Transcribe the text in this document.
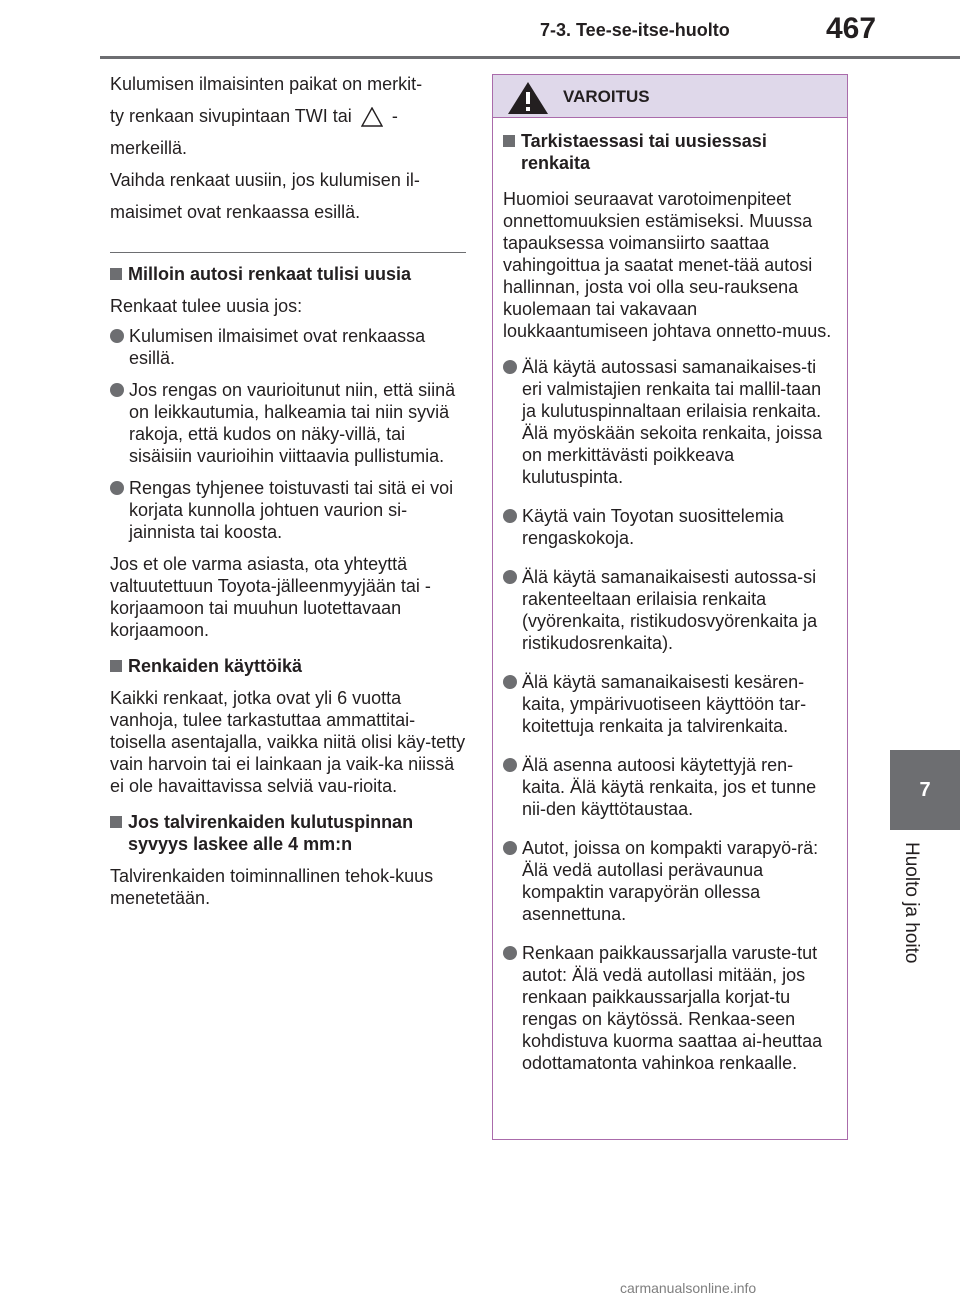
7-3. Tee-se-itse-huolto	467
7
Huolto ja hoito

Kulumisen ilmaisinten paikat on merkit-

ty renkaan sivupintaan TWI tai -

merkeillä.

Vaihda renkaat uusiin, jos kulumisen il-

maisimet ovat renkaassa esillä.

Milloin autosi renkaat tulisi uusia

Renkaat tulee uusia jos:

Kulumisen ilmaisimet ovat renkaassa esillä.
Jos rengas on vaurioitunut niin, että siinä on leikkautumia, halkeamia tai niin syviä rakoja, että kudos on näky-villä, tai sisäisiin vaurioihin viittaavia pullistumia.
Rengas tyhjenee toistuvasti tai sitä ei voi korjata kunnolla johtuen vaurion si-jainnista tai koosta.

Jos et ole varma asiasta, ota yhteyttä valtuutettuun Toyota-jälleenmyyjään tai -korjaamoon tai muuhun luotettavaan korjaamoon.

Renkaiden käyttöikä

Kaikki renkaat, jotka ovat yli 6 vuotta vanhoja, tulee tarkastuttaa ammattitai-toisella asentajalla, vaikka niitä olisi käy-tetty vain harvoin tai ei lainkaan ja vaik-ka niissä ei ole havaittavissa selviä vau-rioita.

Jos talvirenkaiden kulutuspinnan syvyys laskee alle 4 mm:n

Talvirenkaiden toiminnallinen tehok-kuus menetetään.

VAROITUS
Tarkistaessasi tai uusiessasi renkaita

Huomioi seuraavat varotoimenpiteet onnettomuuksien estämiseksi. Muussa tapauksessa voimansiirto saattaa vahingoittua ja saatat menet-tää autosi hallinnan, josta voi olla seu-rauksena kuolemaan tai vakavaan loukkaantumiseen johtava onnetto-muus.

Älä käytä autossasi samanaikaises-ti eri valmistajien renkaita tai mallil-taan ja kulutuspinnaltaan erilaisia renkaita. Älä myöskään sekoita renkaita, joissa on merkittävästi poikkeava kulutuspinta.
Käytä vain Toyotan suosittelemia rengaskokoja.
Älä käytä samanaikaisesti autossa-si rakenteeltaan erilaisia renkaita (vyörenkaita, ristikudosvyörenkaita ja ristikudosrenkaita).
Älä käytä samanaikaisesti kesären-kaita, ympärivuotiseen käyttöön tar-koitettuja renkaita ja talvirenkaita.
Älä asenna autoosi käytettyjä ren-kaita. Älä käytä renkaita, jos et tunne nii-den käyttötaustaa.
Autot, joissa on kompakti varapyö-rä: Älä vedä autollasi perävaunua kompaktin varapyörän ollessa asennettuna.
Renkaan paikkaussarjalla varuste-tut autot: Älä vedä autollasi mitään, jos renkaan paikkaussarjalla korjat-tu rengas on käytössä. Renkaa-seen kohdistuva kuorma saattaa ai-heuttaa odottamatonta vahinkoa renkaalle.
carmanualsonline.info
